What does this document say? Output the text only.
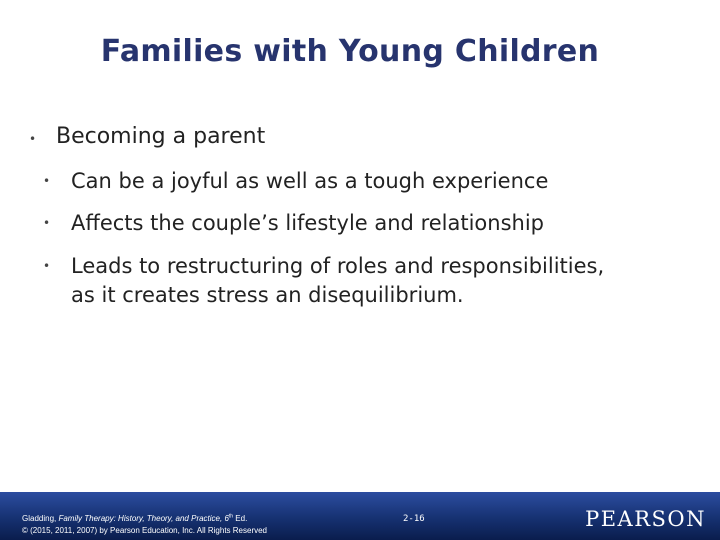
Families with Young Children
• Becoming a parent
• Can be a joyful as well as a tough experience
• Affects the couple’s lifestyle and relationship
• Leads to restructuring of roles and responsibilities, as it creates stress an disequilibrium.
Gladding, Family Therapy: History, Theory, and Practice, 6th Ed.
© (2015, 2011, 2007) by Pearson Education, Inc. All Rights Reserved
2-16	PEARSON
